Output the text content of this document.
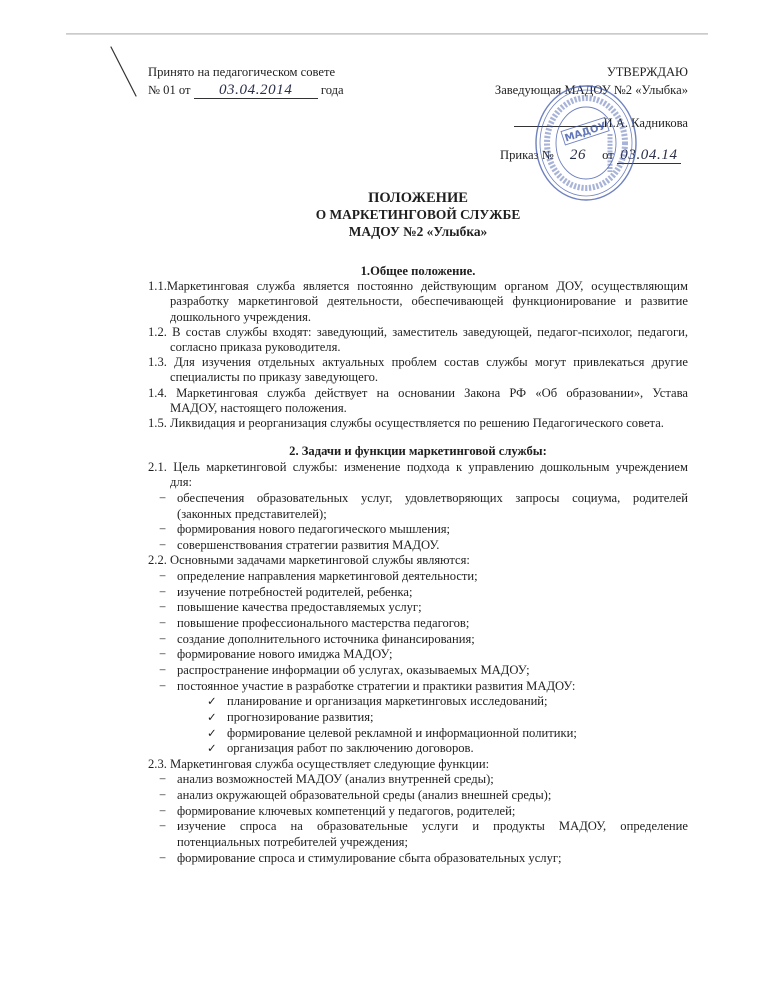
Принято на педагогическом совете
№ 01 от 03.04.2014 года
УТВЕРЖДАЮ
Заведующая МАДОУ №2 «Улыбка»
И.А. Кадникова
Приказ № 26 от 03.04.14
МАДОУ
ПОЛОЖЕНИЕ
О МАРКЕТИНГОВОЙ СЛУЖБЕ
МАДОУ №2 «Улыбка»
1.Общее положение.
1.1.Маркетинговая служба является постоянно действующим органом ДОУ, осуществляющим
разработку маркетинговой деятельности, обеспечивающей функционирование и развитие
дошкольного учреждения.
1.2. В состав службы входят: заведующий, заместитель заведующей, педагог-психолог, педагоги,
согласно приказа руководителя.
1.3. Для изучения отдельных актуальных проблем состав службы могут привлекаться другие
специалисты по приказу заведующего.
1.4. Маркетинговая служба действует на основании Закона РФ «Об образовании», Устава
МАДОУ, настоящего положения.
1.5. Ликвидация и реорганизация службы осуществляется по решению Педагогического совета.
2. Задачи и функции маркетинговой службы:
2.1. Цель маркетинговой службы: изменение подхода к управлению дошкольным учреждением
для:
− обеспечения образовательных услуг, удовлетворяющих запросы социума, родителей
(законных представителей);
− формирования нового педагогического мышления;
− совершенствования стратегии развития МАДОУ.
2.2. Основными задачами маркетинговой службы являются:
− определение направления маркетинговой деятельности;
− изучение потребностей родителей, ребенка;
− повышение качества предоставляемых услуг;
− повышение профессионального мастерства педагогов;
− создание дополнительного источника финансирования;
− формирование нового имиджа МАДОУ;
− распространение информации об услугах, оказываемых МАДОУ;
− постоянное участие в разработке стратегии и практики развития МАДОУ:
✓ планирование и организация маркетинговых исследований;
✓ прогнозирование развития;
✓ формирование целевой рекламной и информационной политики;
✓ организация работ по заключению договоров.
2.3. Маркетинговая служба осуществляет следующие функции:
− анализ возможностей МАДОУ (анализ внутренней среды);
− анализ окружающей образовательной среды (анализ внешней среды);
− формирование ключевых компетенций у педагогов, родителей;
− изучение спроса на образовательные услуги и продукты МАДОУ, определение
потенциальных потребителей учреждения;
− формирование спроса и стимулирование сбыта образовательных услуг;
